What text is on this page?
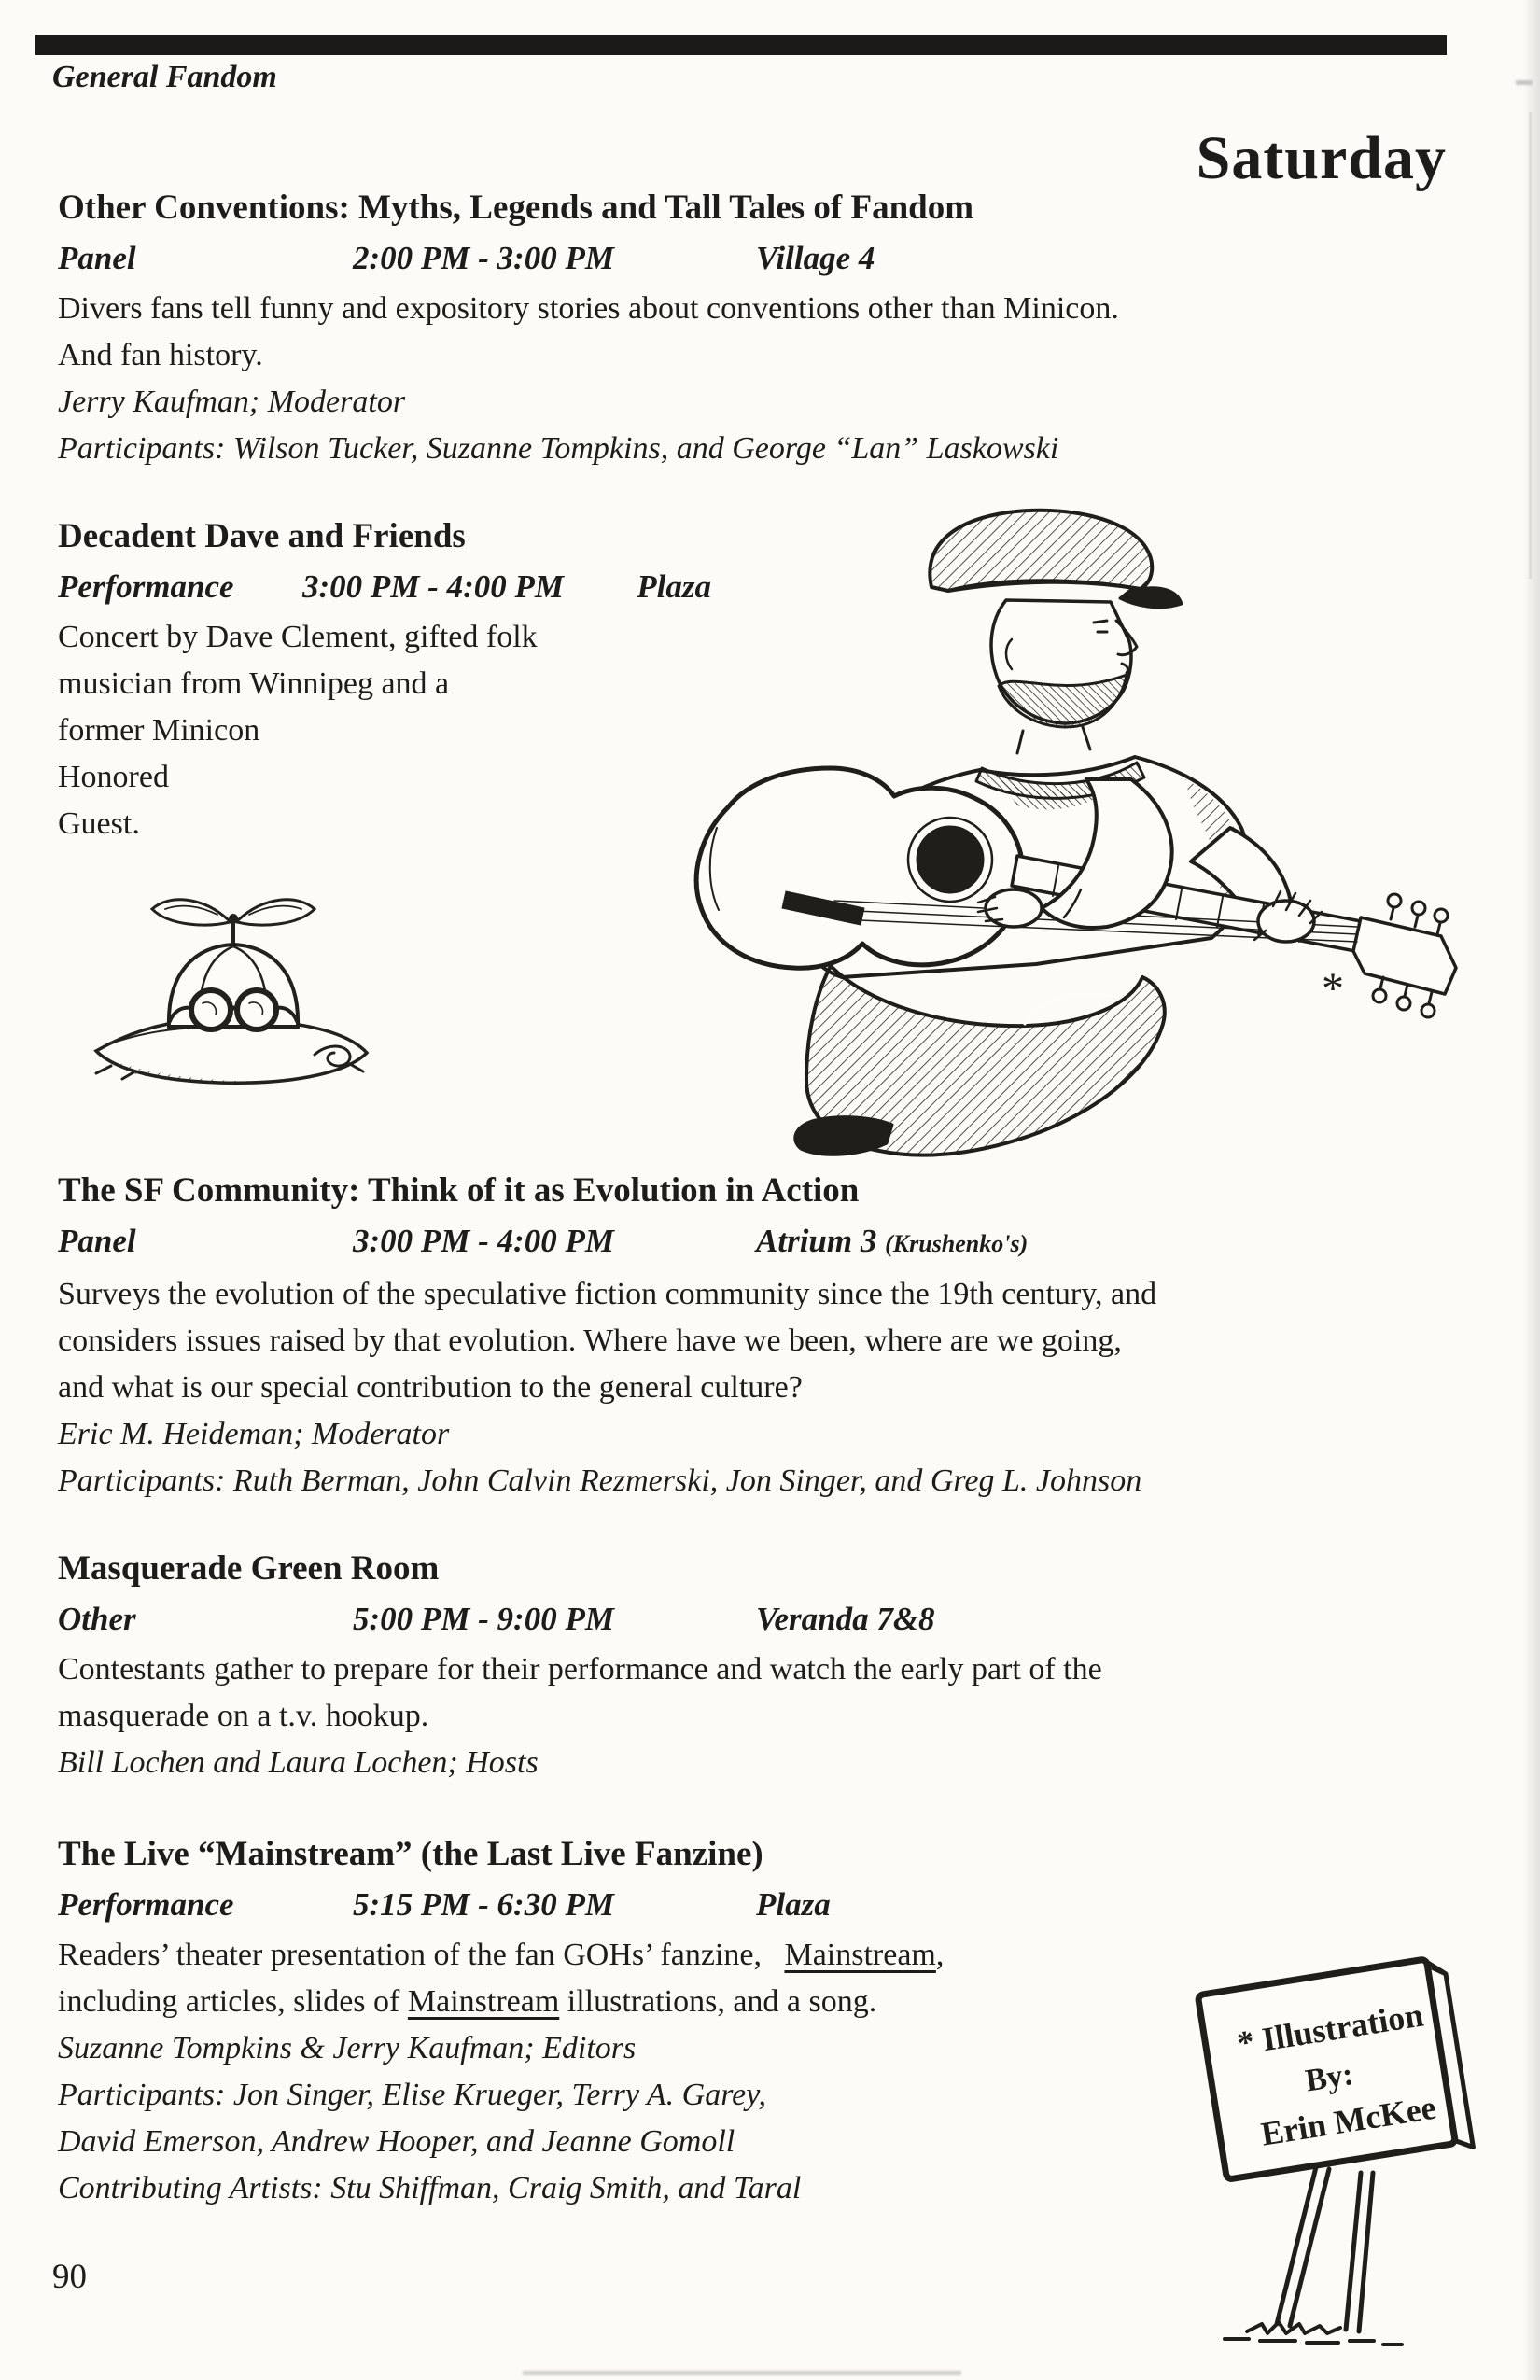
General Fandom
Saturday
Other Conventions: Myths, Legends and Tall Tales of Fandom
Panel	2:00 PM - 3:00 PM	Village 4

Divers fans tell funny and expository stories about conventions other than Minicon.

And fan history.

Jerry Kaufman; Moderator

Participants: Wilson Tucker, Suzanne Tompkins, and George “Lan” Laskowski

Decadent Dave and Friends
Performance	3:00 PM - 4:00 PM	Plaza

Concert by Dave Clement, gifted folk

musician from Winnipeg and a

former Minicon

Honored

Guest.

*
The SF Community: Think of it as Evolution in Action
Panel	3:00 PM - 4:00 PM	Atrium 3 (Krushenko's)

Surveys the evolution of the speculative fiction community since the 19th century, and

considers issues raised by that evolution. Where have we been, where are we going,

and what is our special contribution to the general culture?

Eric M. Heideman; Moderator

Participants: Ruth Berman, John Calvin Rezmerski, Jon Singer, and Greg L. Johnson

Masquerade Green Room
Other	5:00 PM - 9:00 PM	Veranda 7&8

Contestants gather to prepare for their performance and watch the early part of the

masquerade on a t.v. hookup.

Bill Lochen and Laura Lochen; Hosts

The Live “Mainstream” (the Last Live Fanzine)
Performance	5:15 PM - 6:30 PM	Plaza

Readers’ theater presentation of the fan GOHs’ fanzine, Mainstream,

including articles, slides of Mainstream illustrations, and a song.

Suzanne Tompkins & Jerry Kaufman; Editors

Participants: Jon Singer, Elise Krueger, Terry A. Garey,

David Emerson, Andrew Hooper, and Jeanne Gomoll

Contributing Artists: Stu Shiffman, Craig Smith, and Taral

* Illustration
By:
Erin McKee
90
